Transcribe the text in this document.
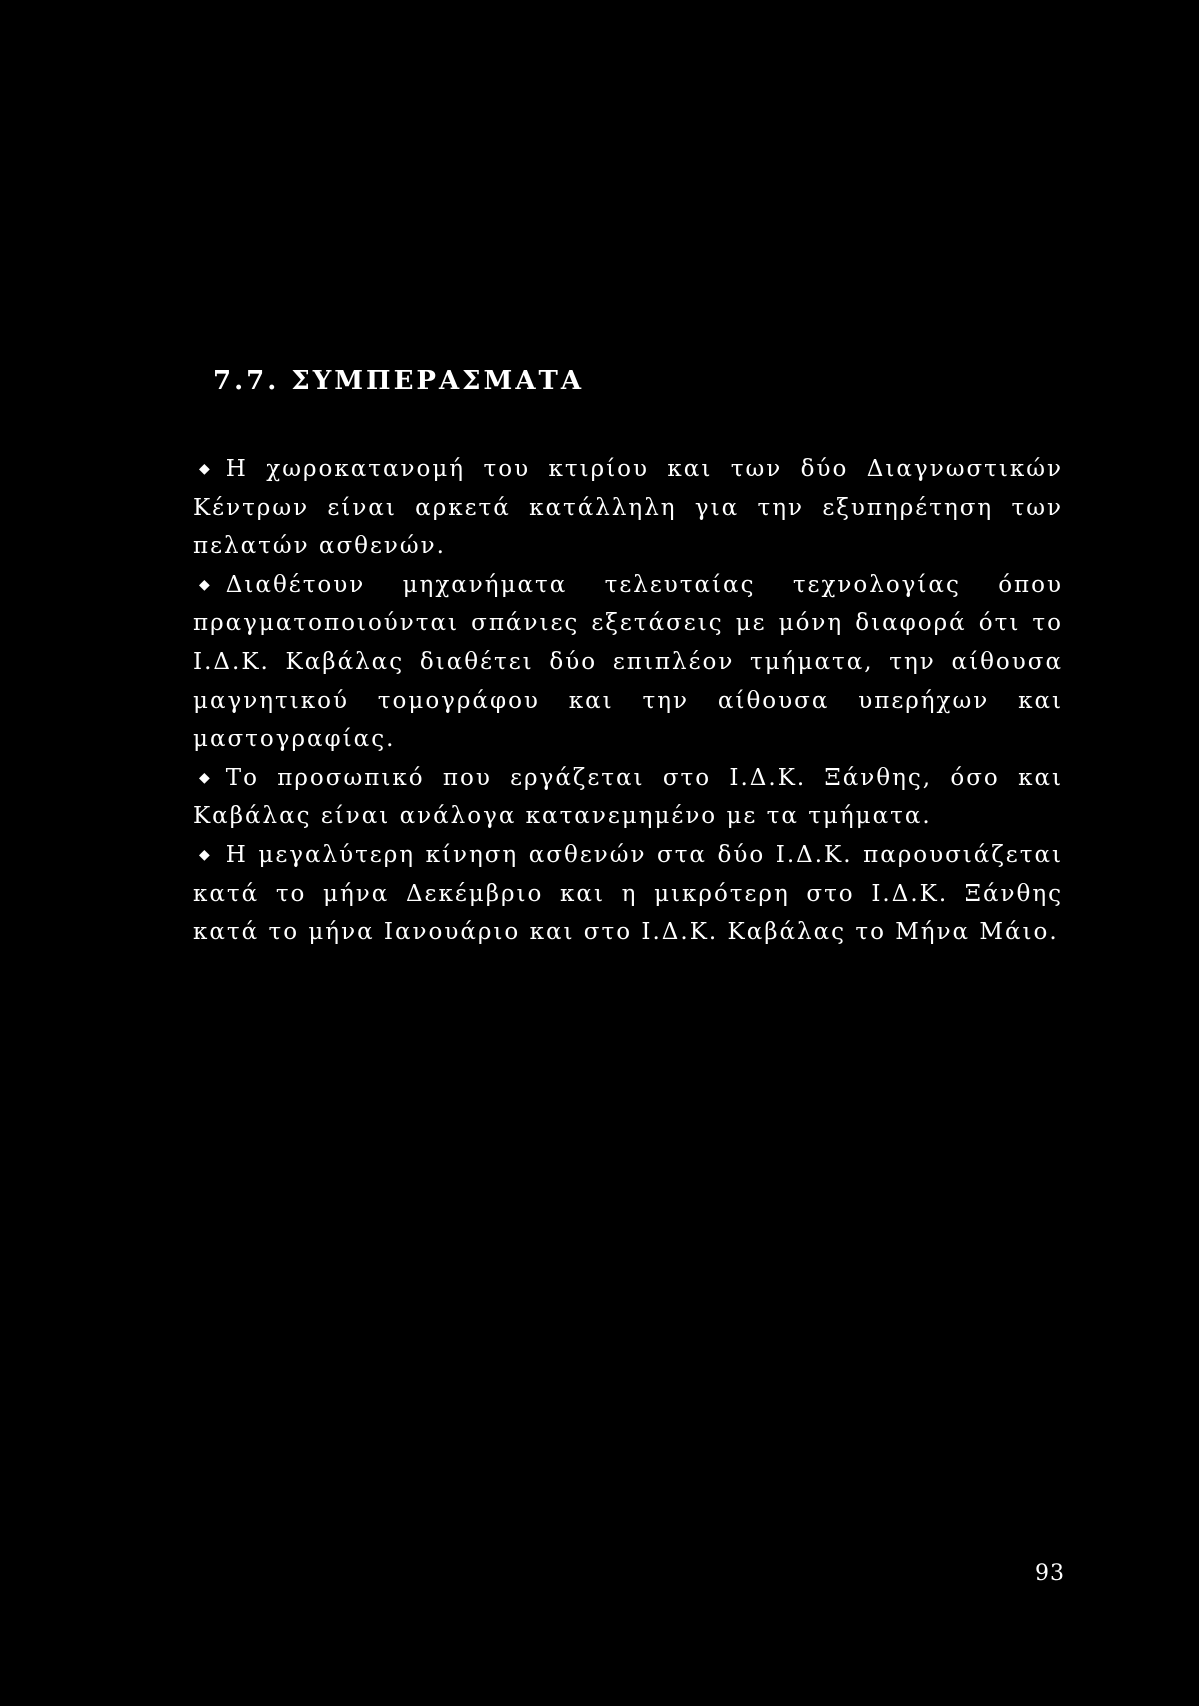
7.7. ΣΥΜΠΕΡΑΣΜΑΤΑ

◆ Η χωροκατανομή του κτιρίου και των δύο Διαγνωστικών Κέντρων είναι αρκετά κατάλληλη για την εξυπηρέτηση των πελατών ασθενών.

◆ Διαθέτουν μηχανήματα τελευταίας τεχνολογίας όπου πραγματοποιούνται σπάνιες εξετάσεις με μόνη διαφορά ότι το Ι.Δ.Κ. Καβάλας διαθέτει δύο επιπλέον τμήματα, την αίθουσα μαγνητικού τομογράφου και την αίθουσα υπερήχων και μαστογραφίας.

◆ Το προσωπικό που εργάζεται στο Ι.Δ.Κ. Ξάνθης, όσο και Καβάλας είναι ανάλογα κατανεμημένο με τα τμήματα.

◆ Η μεγαλύτερη κίνηση ασθενών στα δύο Ι.Δ.Κ. παρουσιάζεται κατά το μήνα Δεκέμβριο και η μικρότερη στο Ι.Δ.Κ. Ξάνθης κατά το μήνα Ιανουάριο και στο Ι.Δ.Κ. Καβάλας το Μήνα Μάιο.

93
